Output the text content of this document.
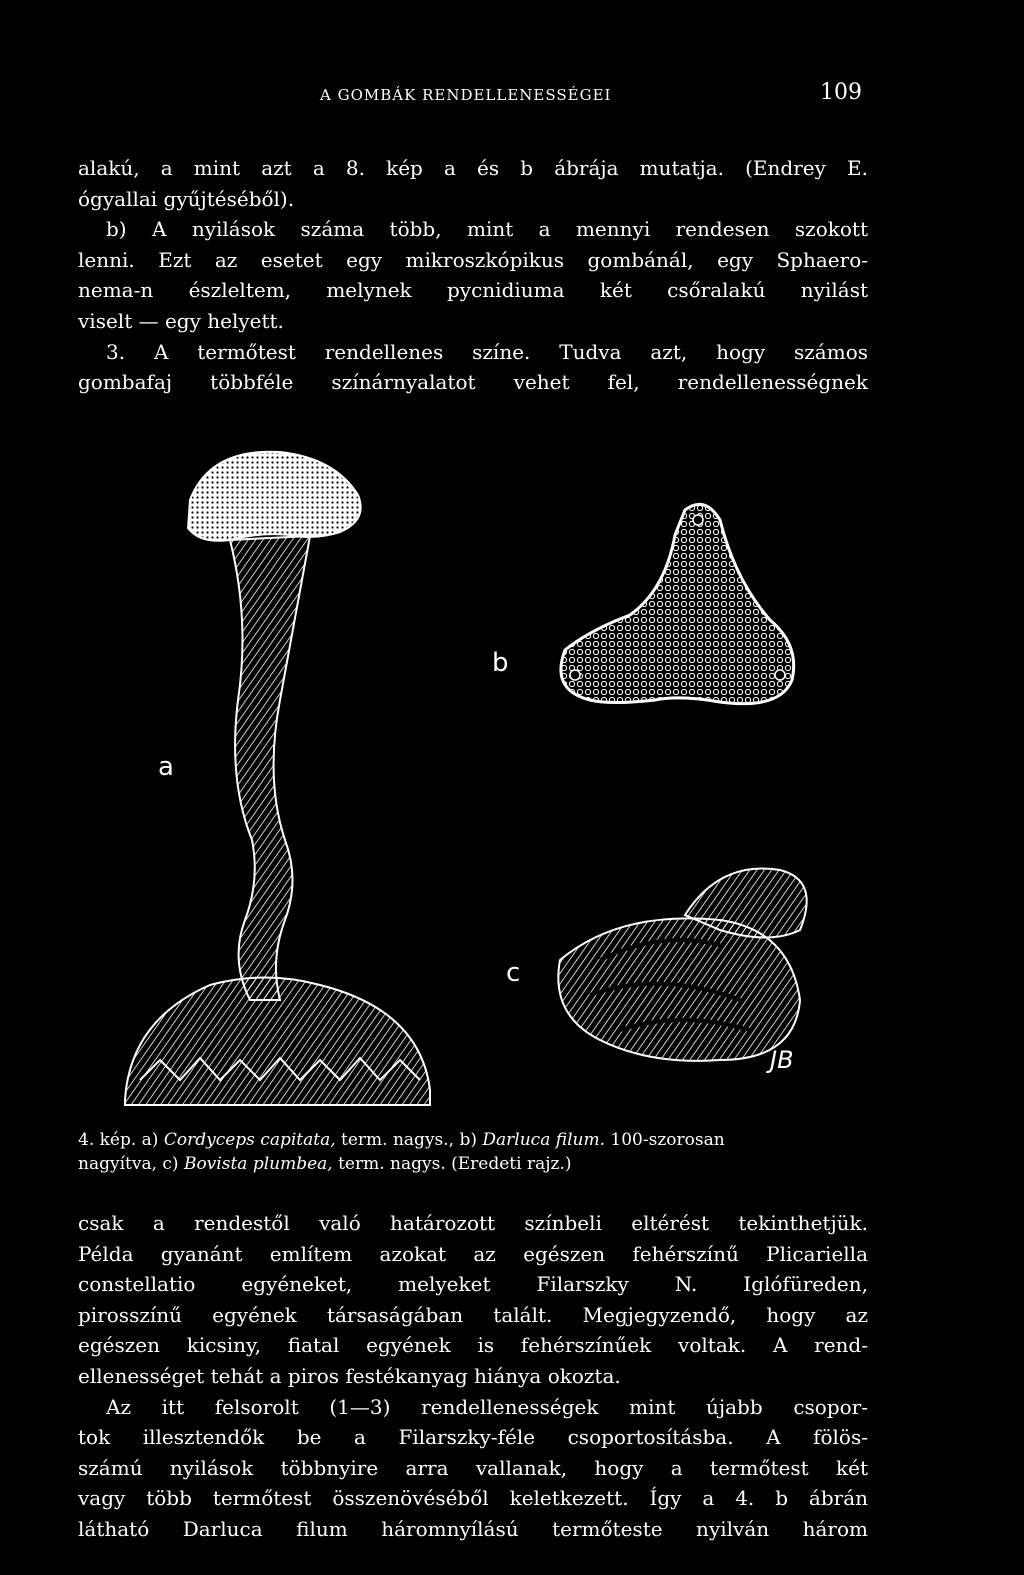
A GOMBÁK RENDELLENESSÉGEI	109
alakú, a mint azt a 8. kép a és b ábrája mutatja. (Endrey E.
ógyallai gyűjtéséből).
b) A nyilások száma több, mint a mennyi rendesen szokott
lenni. Ezt az esetet egy mikroszkópikus gombánál, egy Sphaero-
nema-n észleltem, melynek pycnidiuma két csőralakú nyilást
viselt — egy helyett.
3. A termőtest rendellenes színe. Tudva azt, hogy számos
gombafaj többféle színárnyalatot vehet fel, rendellenességnek
a
b
c
JB
4. kép. a) Cordyceps capitata, term. nagys., b) Darluca filum. 100-szorosan
nagyítva, c) Bovista plumbea, term. nagys. (Eredeti rajz.)
csak a rendestől való határozott színbeli eltérést tekinthetjük.
Példa gyanánt említem azokat az egészen fehérszínű Plicariella
constellatio egyéneket, melyeket Filarszky N. Iglófüreden,
pirosszínű egyének társaságában talált. Megjegyzendő, hogy az
egészen kicsiny, fiatal egyének is fehérszínűek voltak. A rend-
ellenességet tehát a piros festékanyag hiánya okozta.
Az itt felsorolt (1—3) rendellenességek mint újabb csopor-
tok illesztendők be a Filarszky-féle csoportosításba. A fölös-
számú nyilások többnyire arra vallanak, hogy a termőtest két
vagy több termőtest összenövéséből keletkezett. Így a 4. b ábrán
látható Darluca filum háromnyílású termőteste nyilván három
